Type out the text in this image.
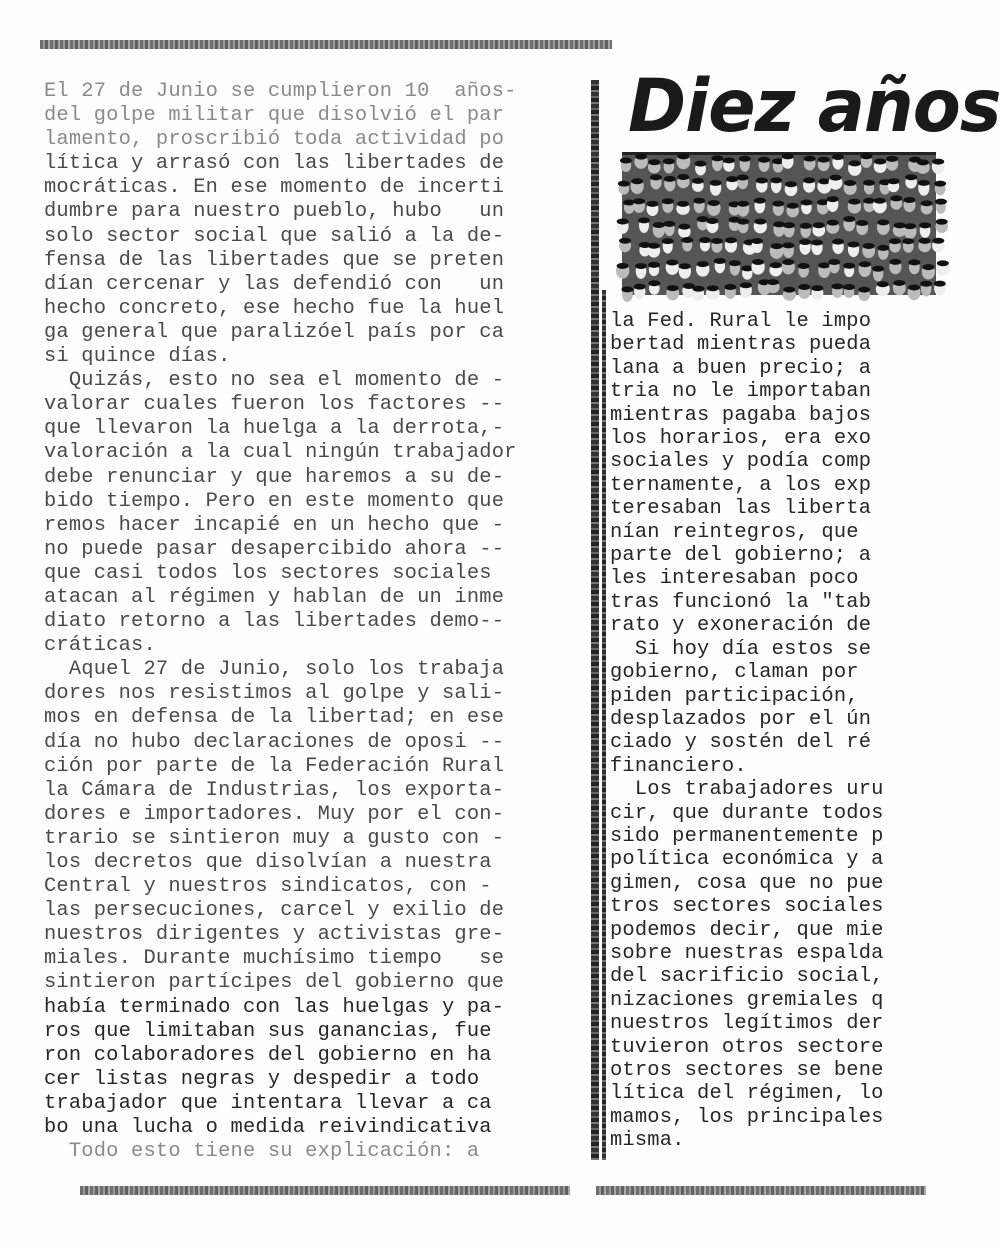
Diez años

El 27 de Junio se cumplieron 10  años-

del golpe militar que disolvió el par

lamento, proscribió toda actividad po

lítica y arrasó con las libertades de

mocráticas. En ese momento de incerti

dumbre para nuestro pueblo, hubo   un

solo sector social que salió a la de-

fensa de las libertades que se preten

dían cercenar y las defendió con   un

hecho concreto, ese hecho fue la huel

ga general que paralizóel país por ca

si quince días.

Quizás, esto no sea el momento de -

valorar cuales fueron los factores --

que llevaron la huelga a la derrota,-

valoración a la cual ningún trabajador

debe renunciar y que haremos a su de-

bido tiempo. Pero en este momento que

remos hacer incapié en un hecho que -

no puede pasar desapercibido ahora --

que casi todos los sectores sociales

atacan al régimen y hablan de un inme

diato retorno a las libertades demo--

cráticas.

Aquel 27 de Junio, solo los trabaja

dores nos resistimos al golpe y sali-

mos en defensa de la libertad; en ese

día no hubo declaraciones de oposi --

ción por parte de la Federación Rural

la Cámara de Industrias, los exporta-

dores e importadores. Muy por el con-

trario se sintieron muy a gusto con -

los decretos que disolvían a nuestra

Central y nuestros sindicatos, con -

las persecuciones, carcel y exilio de

nuestros dirigentes y activistas gre-

miales. Durante muchísimo tiempo   se

sintieron partícipes del gobierno que

había terminado con las huelgas y pa-

ros que limitaban sus ganancias, fue

ron colaboradores del gobierno en ha

cer listas negras y despedir a todo

trabajador que intentara llevar a ca

bo una lucha o medida reivindicativa

Todo esto tiene su explicación: a

la Fed. Rural le impo

bertad mientras pueda

lana a buen precio; a

tria no le importaban

mientras pagaba bajos

los horarios, era exo

sociales y podía comp

ternamente, a los exp

teresaban las liberta

nían reintegros, que

parte del gobierno; a

les interesaban poco

tras funcionó la "tab

rato y exoneración de

Si hoy día estos se

gobierno, claman por

piden participación,

desplazados por el ún

ciado y sostén del ré

financiero.

Los trabajadores uru

cir, que durante todos

sido permanentemente p

política económica y a

gimen, cosa que no pue

tros sectores sociales

podemos decir, que mie

sobre nuestras espalda

del sacrificio social,

nizaciones gremiales q

nuestros legítimos der

tuvieron otros sectore

otros sectores se bene

lítica del régimen, lo

mamos, los principales

misma.
